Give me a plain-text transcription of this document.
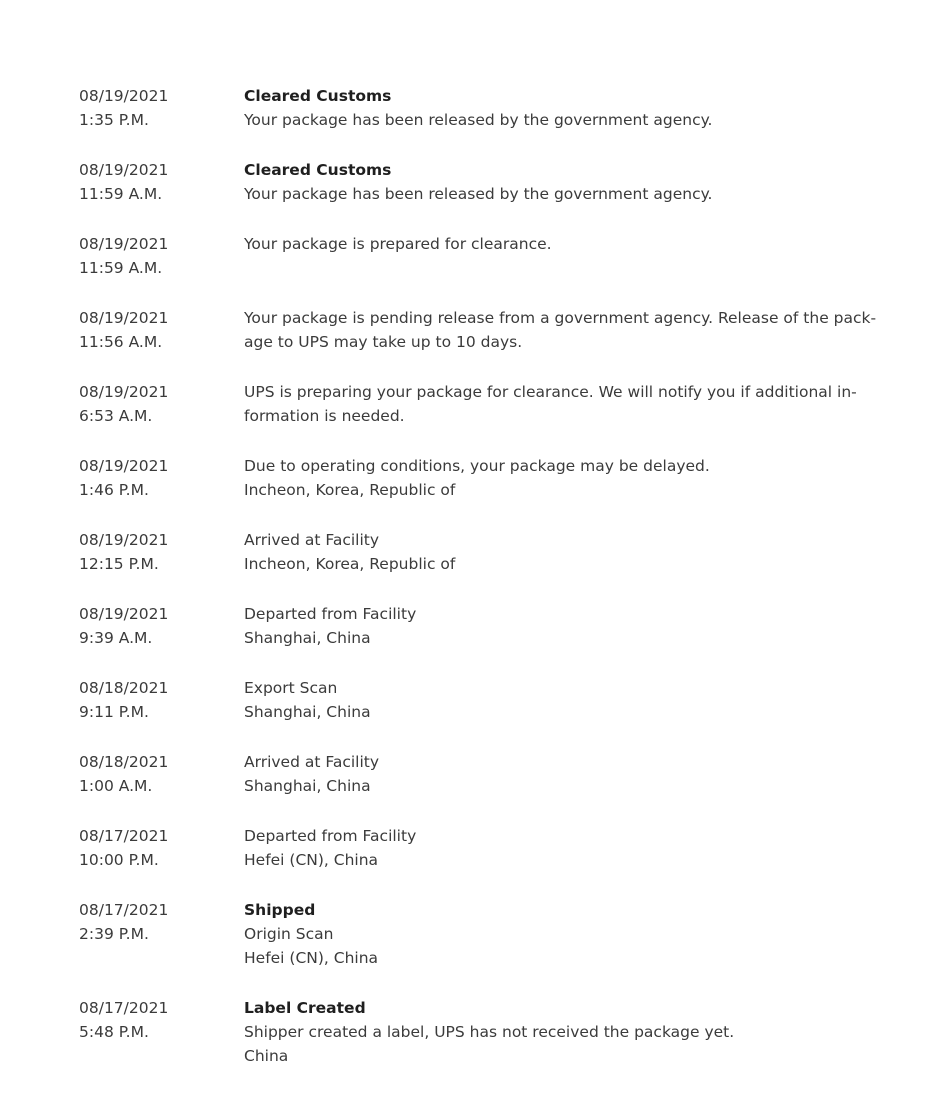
08/19/2021
1:35 P.M.
Cleared Customs
Your package has been released by the government agency.
08/19/2021
11:59 A.M.
Cleared Customs
Your package has been released by the government agency.
08/19/2021
11:59 A.M.
Your package is prepared for clearance.
08/19/2021
11:56 A.M.
Your package is pending release from a government agency. Release of the pack-
age to UPS may take up to 10 days.
08/19/2021
6:53 A.M.
UPS is preparing your package for clearance. We will notify you if additional in-
formation is needed.
08/19/2021
1:46 P.M.
Due to operating conditions, your package may be delayed.
Incheon, Korea, Republic of
08/19/2021
12:15 P.M.
Arrived at Facility
Incheon, Korea, Republic of
08/19/2021
9:39 A.M.
Departed from Facility
Shanghai, China
08/18/2021
9:11 P.M.
Export Scan
Shanghai, China
08/18/2021
1:00 A.M.
Arrived at Facility
Shanghai, China
08/17/2021
10:00 P.M.
Departed from Facility
Hefei (CN), China
08/17/2021
2:39 P.M.
Shipped
Origin Scan
Hefei (CN), China
08/17/2021
5:48 P.M.
Label Created
Shipper created a label, UPS has not received the package yet.
China
